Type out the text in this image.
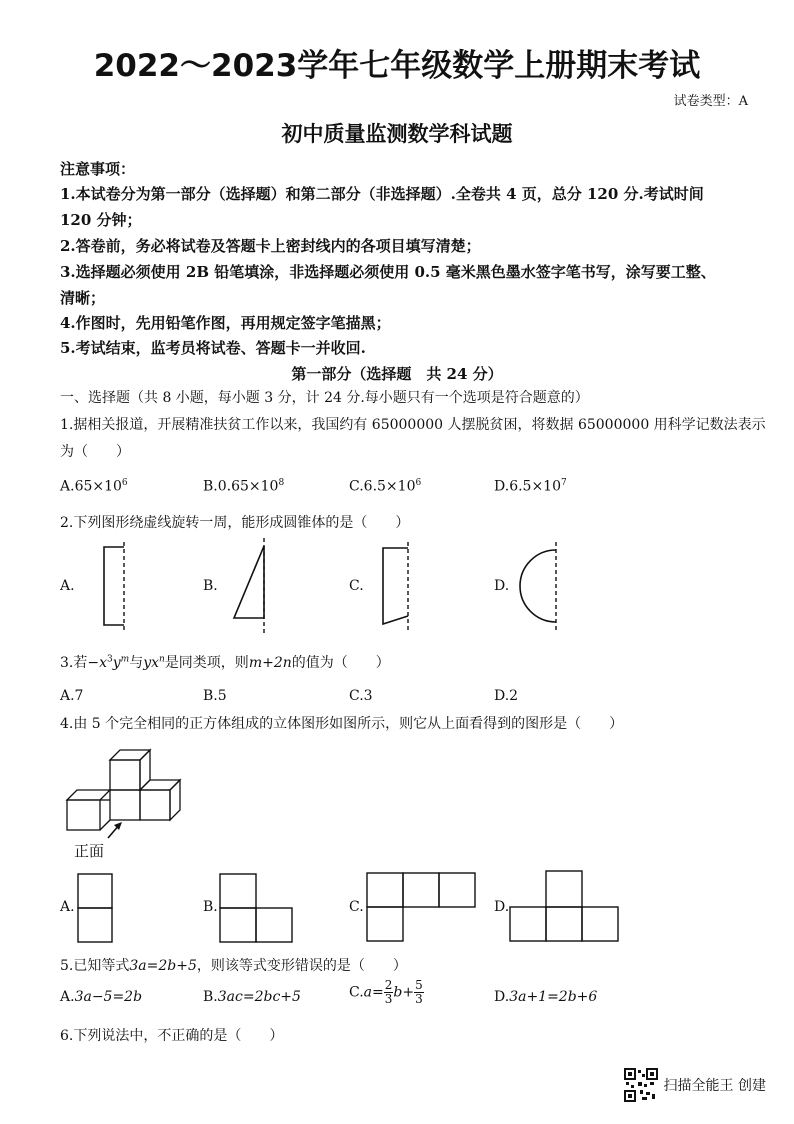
2022～2023学年七年级数学上册期末考试
试卷类型：A
初中质量监测数学科试题
注意事项：
1.本试卷分为第一部分（选择题）和第二部分（非选择题）.全卷共 4 页，总分 120 分.考试时间
120 分钟；
2.答卷前，务必将试卷及答题卡上密封线内的各项目填写清楚；
3.选择题必须使用 2B 铅笔填涂，非选择题必须使用 0.5 毫米黑色墨水签字笔书写，涂写要工整、
清晰；
4.作图时，先用铅笔作图，再用规定签字笔描黑；
5.考试结束，监考员将试卷、答题卡一并收回.
第一部分（选择题　共 24 分）
一、选择题（共 8 小题，每小题 3 分，计 24 分.每小题只有一个选项是符合题意的）
1.据相关报道，开展精准扶贫工作以来，我国约有 65000000 人摆脱贫困，将数据 65000000 用科学记数法表示
为（　　）
$A.65\times 10^6$	$B.0.65\times 10^8$	$C.6.5\times 10^6$	$D.6.5\times 10^7$
2.下列图形绕虚线旋转一周，能形成圆锥体的是（　　）
A.	B.	C.	D.
3.若$-x^3y^m$与$yx^n$是同类项，则m+2n的值为（　　）
A.7	B.5	C.3	D.2
4.由 5 个完全相同的正方体组成的立体图形如图所示，则它从上面看得到的图形是（　　）
正面
A.	B.	C.	D.
5.已知等式3a=2b+5，则该等式变形错误的是（　　）
A.3a−5=2b	B.3ac=2bc+5	$C.a= \frac{2}{3} b+ \frac{5}{3}$	D.3a+1=2b+6
6.下列说法中，不正确的是（　　）
扫描全能王 创建
